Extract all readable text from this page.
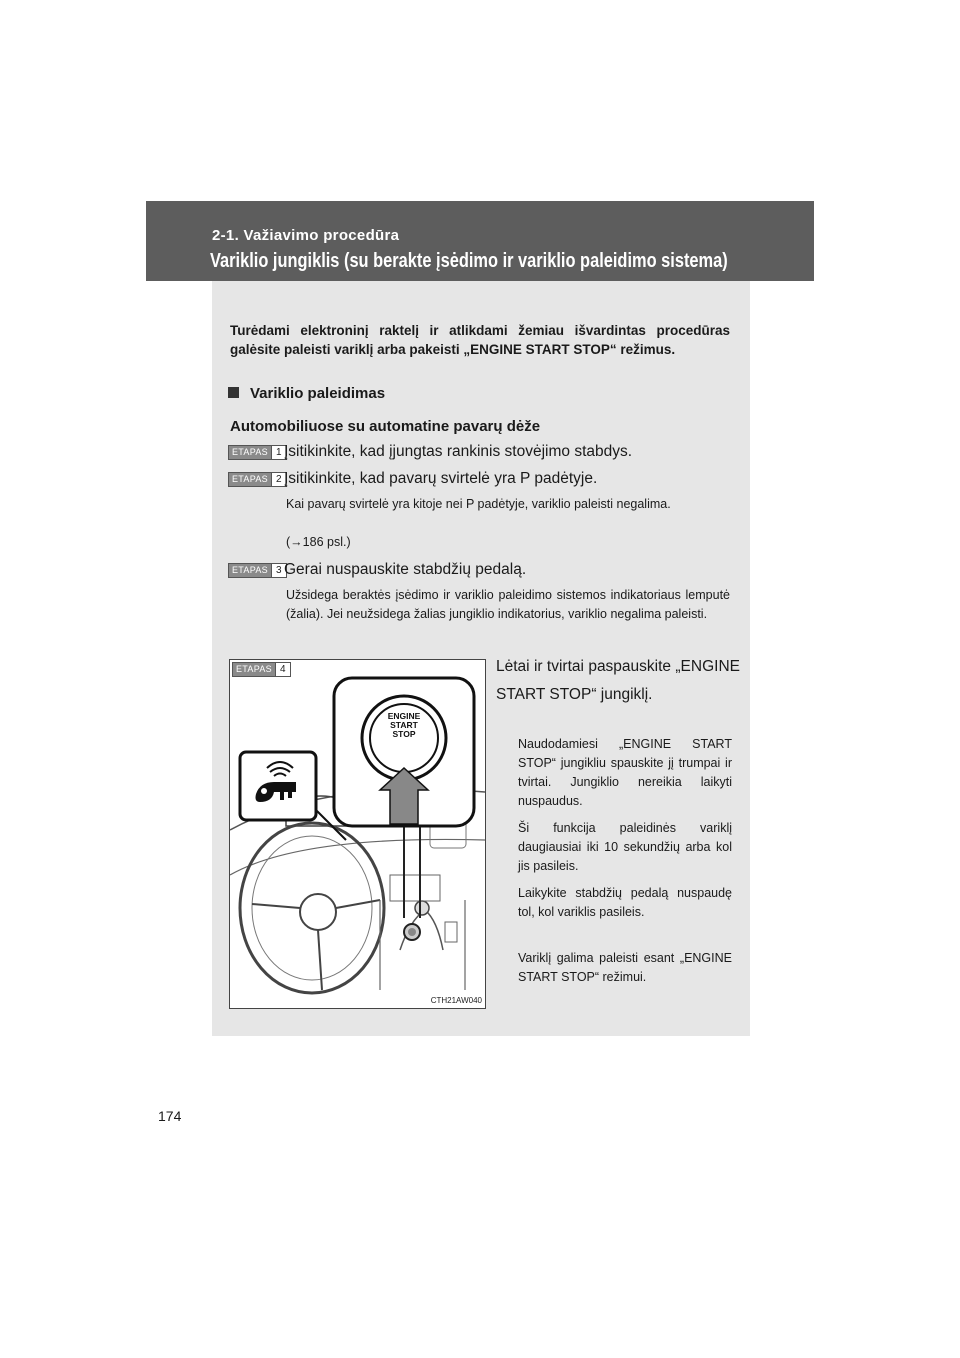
2-1. Važiavimo procedūra
Variklio jungiklis (su berakte įsėdimo ir variklio paleidimo sistema)
Turėdami elektroninį raktelį ir atlikdami žemiau išvardintas procedūras galėsite paleisti variklį arba pakeisti „ENGINE START STOP“ režimus.
Variklio paleidimas
Automobiliuose su automatine pavarų dėže
ETAPAS 1 Įsitikinkite, kad įjungtas rankinis stovėjimo stabdys.
ETAPAS 2 Įsitikinkite, kad pavarų svirtelė yra P padėtyje.
Kai pavarų svirtelė yra kitoje nei P padėtyje, variklio paleisti negalima.
(→186 psl.)
ETAPAS 3 Gerai nuspauskite stabdžių pedalą.
Užsidega beraktės įsėdimo ir variklio paleidimo sistemos indikatoriaus lemputė (žalia). Jei neužsidega žalias jungiklio indikatorius, variklio negalima paleisti.
ENGINE
START
STOP
ETAPAS 4
CTH21AW040
Lėtai ir tvirtai paspauskite „ENGINE START STOP“ jungiklį.
Naudodamiesi „ENGINE START STOP“ jungikliu spauskite jį trumpai ir tvirtai. Jungiklio nereikia laikyti nuspaudus.
Ši funkcija paleidinės variklį daugiausiai iki 10 sekundžių arba kol jis pasileis.
Laikykite stabdžių pedalą nuspaudę tol, kol variklis pasileis.
Variklį galima paleisti esant „ENGINE START STOP“ režimui.
174
